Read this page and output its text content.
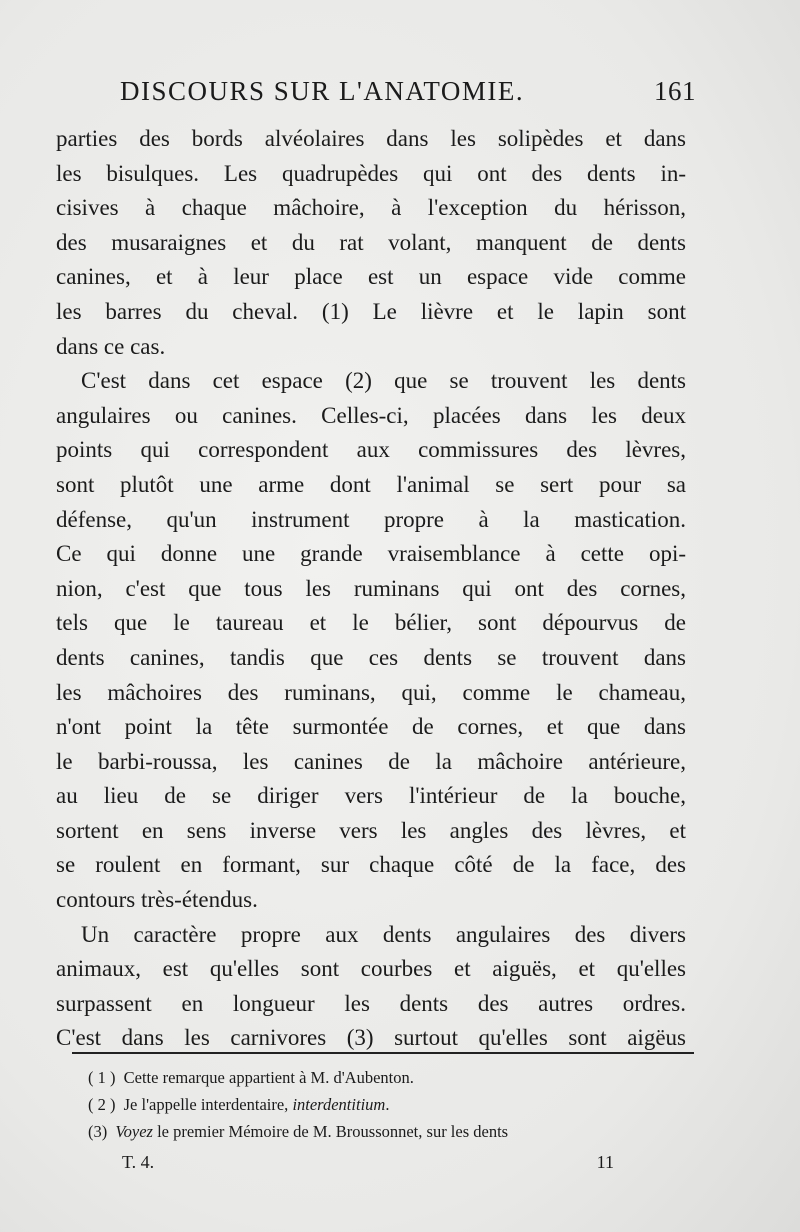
DISCOURS SUR L'ANATOMIE.	161
parties des bords alvéolaires dans les solipèdes et dans
les bisulques. Les quadrupèdes qui ont des dents in-
cisives à chaque mâchoire, à l'exception du hérisson,
des musaraignes et du rat volant, manquent de dents
canines, et à leur place est un espace vide comme
les barres du cheval. (1) Le lièvre et le lapin sont
dans ce cas.
C'est dans cet espace (2) que se trouvent les dents
angulaires ou canines. Celles-ci, placées dans les deux
points qui correspondent aux commissures des lèvres,
sont plutôt une arme dont l'animal se sert pour sa
défense, qu'un instrument propre à la mastication.
Ce qui donne une grande vraisemblance à cette opi-
nion, c'est que tous les ruminans qui ont des cornes,
tels que le taureau et le bélier, sont dépourvus de
dents canines, tandis que ces dents se trouvent dans
les mâchoires des ruminans, qui, comme le chameau,
n'ont point la tête surmontée de cornes, et que dans
le barbi-roussa, les canines de la mâchoire antérieure,
au lieu de se diriger vers l'intérieur de la bouche,
sortent en sens inverse vers les angles des lèvres, et
se roulent en formant, sur chaque côté de la face, des
contours très-étendus.
Un caractère propre aux dents angulaires des divers
animaux, est qu'elles sont courbes et aiguës, et qu'elles
surpassent en longueur les dents des autres ordres.
C'est dans les carnivores (3) surtout qu'elles sont aigëus
( 1 ) Cette remarque appartient à M. d'Aubenton.
( 2 ) Je l'appelle interdentaire, interdentitium.
(3) Voyez le premier Mémoire de M. Broussonnet, sur les dents
T. 4.	11
